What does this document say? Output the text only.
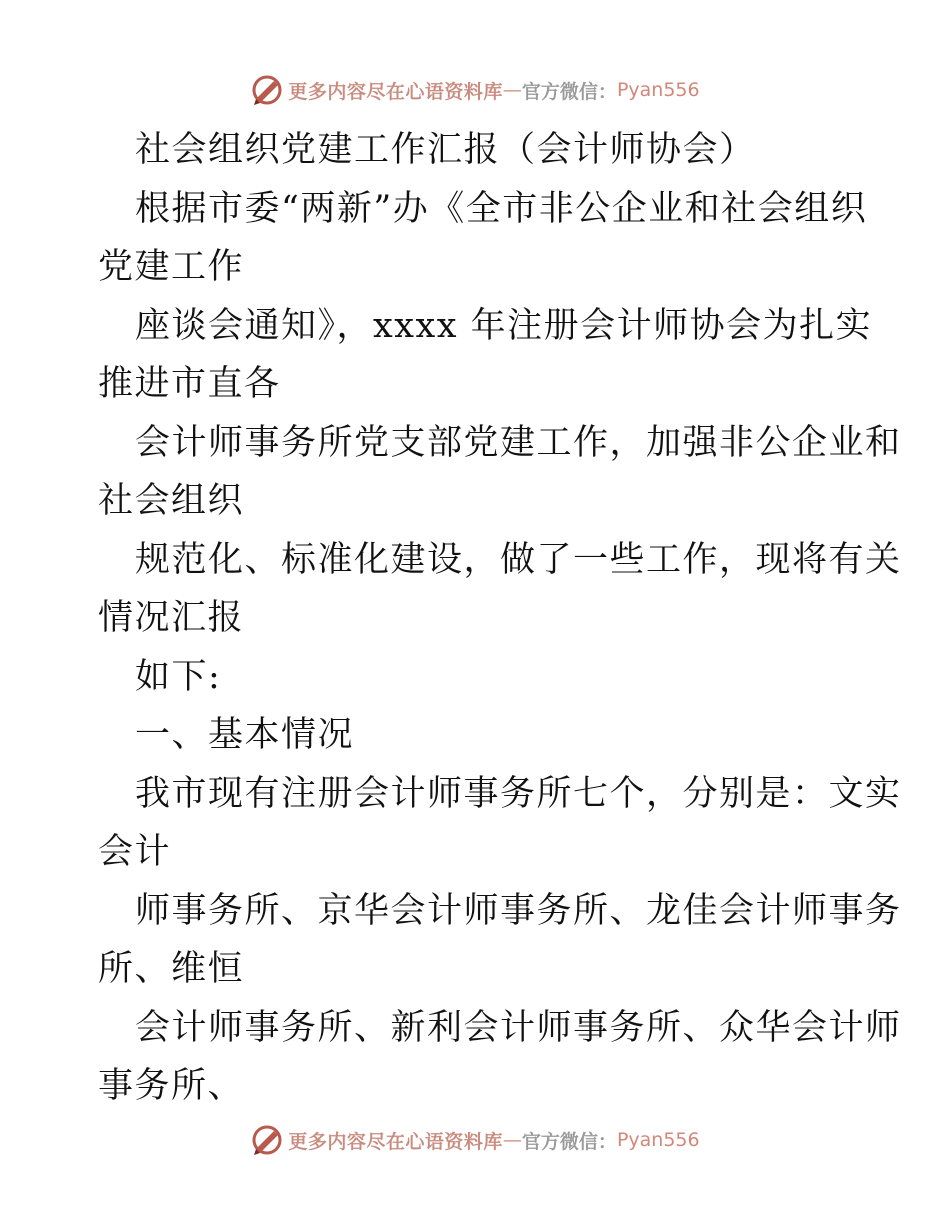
更多内容尽在心语资料库 — 官方微信： Pyan556

社会组织党建工作汇报（会计师协会）

根据市委“两新”办《全市非公企业和社会组织

党建工作

座谈会通知》，xxxx 年注册会计师协会为扎实

推进市直各

会计师事务所党支部党建工作，加强非公企业和

社会组织

规范化、标准化建设，做了一些工作，现将有关

情况汇报

如下:

一、基本情况

我市现有注册会计师事务所七个，分别是：文实

会计

师事务所、京华会计师事务所、龙佳会计师事务

所、维恒

会计师事务所、新利会计师事务所、众华会计师

事务所、

更多内容尽在心语资料库 — 官方微信： Pyan556
